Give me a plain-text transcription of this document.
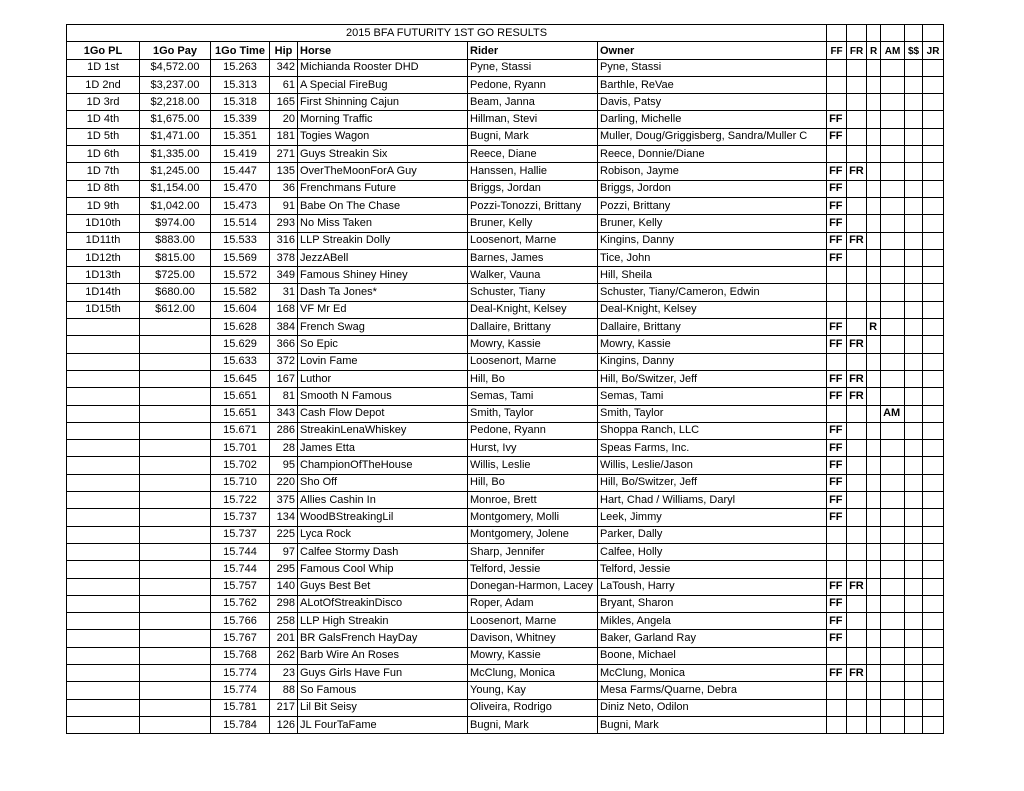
2015 BFA FUTURITY 1ST GO RESULTS												
1Go PL	1Go Pay	1Go Time	Hip	Horse	Rider	Owner	FF	FR	R	AM	$$	JR
1D 1st	$4,572.00	15.263	342	Michianda Rooster DHD	Pyne, Stassi	Pyne, Stassi						
1D 2nd	$3,237.00	15.313	61	A Special FireBug	Pedone, Ryann	Barthle, ReVae						
1D 3rd	$2,218.00	15.318	165	First Shinning Cajun	Beam, Janna	Davis, Patsy						
1D 4th	$1,675.00	15.339	20	Morning Traffic	Hillman, Stevi	Darling, Michelle	FF					
1D 5th	$1,471.00	15.351	181	Togies Wagon	Bugni, Mark	Muller, Doug/Griggisberg, Sandra/Muller C	FF					
1D 6th	$1,335.00	15.419	271	Guys Streakin Six	Reece, Diane	Reece, Donnie/Diane						
1D 7th	$1,245.00	15.447	135	OverTheMoonForA Guy	Hanssen, Hallie	Robison, Jayme	FF	FR				
1D 8th	$1,154.00	15.470	36	Frenchmans Future	Briggs, Jordan	Briggs, Jordon	FF					
1D 9th	$1,042.00	15.473	91	Babe On The Chase	Pozzi-Tonozzi, Brittany	Pozzi, Brittany	FF					
1D10th	$974.00	15.514	293	No Miss Taken	Bruner, Kelly	Bruner, Kelly	FF					
1D11th	$883.00	15.533	316	LLP Streakin Dolly	Loosenort, Marne	Kingins, Danny	FF	FR				
1D12th	$815.00	15.569	378	JezzABell	Barnes, James	Tice, John	FF					
1D13th	$725.00	15.572	349	Famous Shiney Hiney	Walker, Vauna	Hill, Sheila						
1D14th	$680.00	15.582	31	Dash Ta Jones*	Schuster, Tiany	Schuster, Tiany/Cameron, Edwin						
1D15th	$612.00	15.604	168	VF Mr Ed	Deal-Knight, Kelsey	Deal-Knight, Kelsey						
		15.628	384	French Swag	Dallaire, Brittany	Dallaire, Brittany	FF		R			
		15.629	366	So Epic	Mowry, Kassie	Mowry, Kassie	FF	FR				
		15.633	372	Lovin Fame	Loosenort, Marne	Kingins, Danny						
		15.645	167	Luthor	Hill, Bo	Hill, Bo/Switzer, Jeff	FF	FR				
		15.651	81	Smooth N Famous	Semas, Tami	Semas, Tami	FF	FR				
		15.651	343	Cash Flow Depot	Smith, Taylor	Smith, Taylor				AM		
		15.671	286	StreakinLenaWhiskey	Pedone, Ryann	Shoppa Ranch, LLC	FF					
		15.701	28	James Etta	Hurst, Ivy	Speas Farms, Inc.	FF					
		15.702	95	ChampionOfTheHouse	Willis, Leslie	Willis, Leslie/Jason	FF					
		15.710	220	Sho Off	Hill, Bo	Hill, Bo/Switzer, Jeff	FF					
		15.722	375	Allies Cashin In	Monroe, Brett	Hart, Chad / Williams, Daryl	FF					
		15.737	134	WoodBStreakingLil	Montgomery, Molli	Leek, Jimmy	FF					
		15.737	225	Lyca Rock	Montgomery, Jolene	Parker, Dally						
		15.744	97	Calfee Stormy Dash	Sharp, Jennifer	Calfee, Holly						
		15.744	295	Famous Cool Whip	Telford, Jessie	Telford, Jessie						
		15.757	140	Guys Best Bet	Donegan-Harmon, Lacey	LaToush, Harry	FF	FR				
		15.762	298	ALotOfStreakinDisco	Roper, Adam	Bryant, Sharon	FF					
		15.766	258	LLP High Streakin	Loosenort, Marne	Mikles, Angela	FF					
		15.767	201	BR GalsFrench HayDay	Davison, Whitney	Baker, Garland Ray	FF					
		15.768	262	Barb Wire An Roses	Mowry, Kassie	Boone, Michael						
		15.774	23	Guys Girls Have Fun	McClung, Monica	McClung, Monica	FF	FR				
		15.774	88	So Famous	Young, Kay	Mesa Farms/Quarne, Debra						
		15.781	217	Lil Bit Seisy	Oliveira, Rodrigo	Diniz Neto, Odilon						
		15.784	126	JL FourTaFame	Bugni, Mark	Bugni, Mark						
